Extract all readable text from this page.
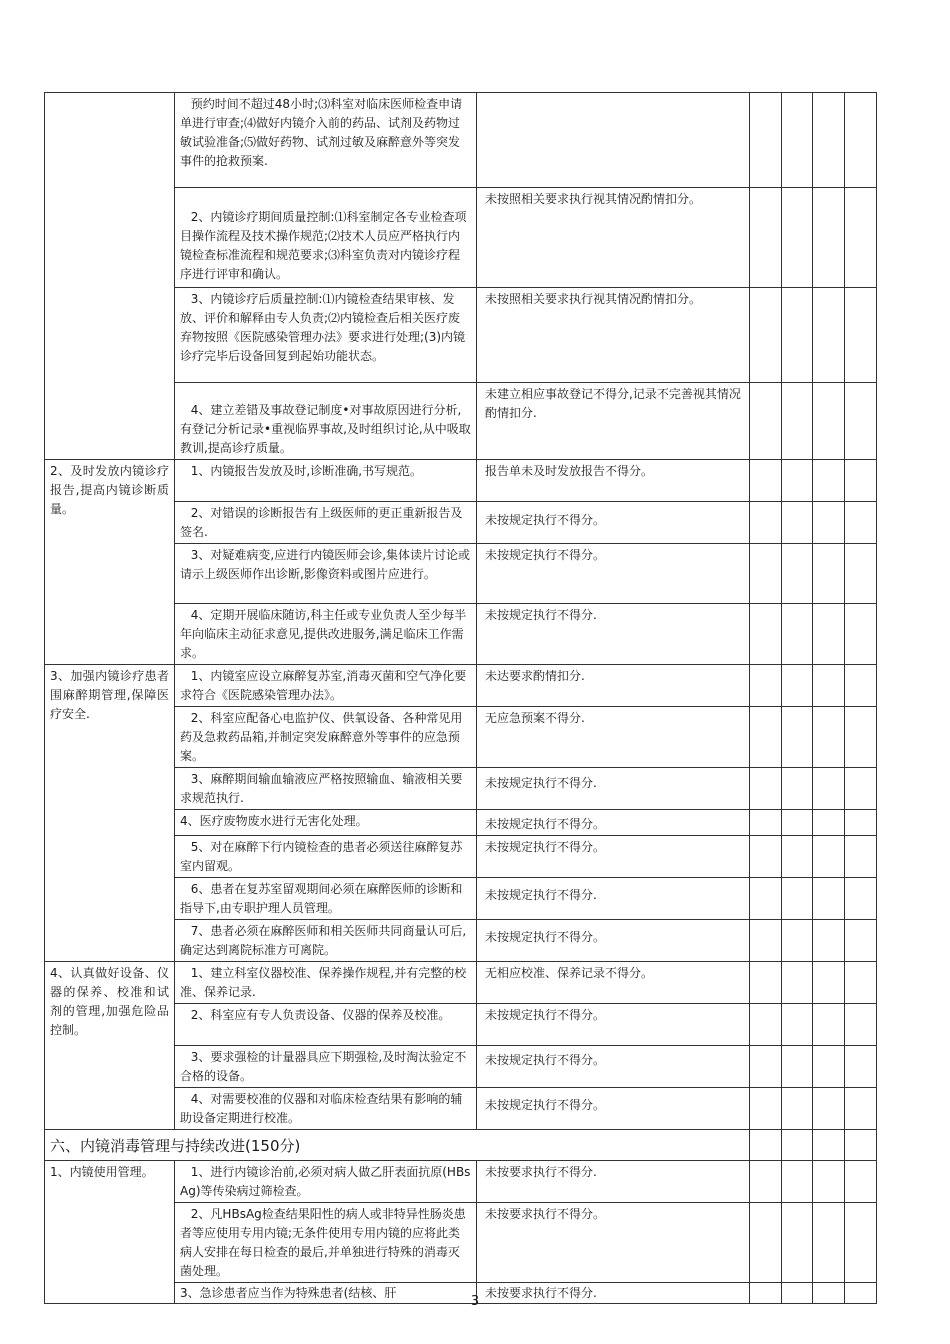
	预约时间不超过48小时;⑶科室对临床医师检查申请单进行审查;⑷做好内镜介入前的药品、试剂及药物过敏试验准备;⑸做好药物、试剂过敏及麻醉意外等突发事件的抢救预案.					
	2、内镜诊疗期间质量控制:⑴科室制定各专业检查项目操作流程及技术操作规范;⑵技术人员应严格执行内镜检查标准流程和规范要求;⑶科室负责对内镜诊疗程序进行评审和确认。	未按照相关要求执行视其情况酌情扣分。				
	3、内镜诊疗后质量控制:⑴内镜检查结果审核、发放、评价和解释由专人负责;⑵内镜检查后相关医疗废弃物按照《医院感染管理办法》要求进行处理;(3)内镜诊疗完毕后设备回复到起始功能状态。	未按照相关要求执行视其情况酌情扣分。				
	4、建立差错及事故登记制度•对事故原因进行分析,有登记分析记录•重视临界事故,及时组织讨论,从中吸取教训,提高诊疗质量。	未建立相应事故登记不得分,记录不完善视其情况酌情扣分.				
2、及时发放内镜诊疗报告,提高内镜诊断质量。	1、内镜报告发放及时,诊断准确,书写规范。	报告单未及时发放报告不得分。				
	2、对错误的诊断报告有上级医师的更正重新报告及签名.	未按规定执行不得分。				
	3、对疑难病变,应进行内镜医师会诊,集体读片讨论或请示上级医师作出诊断,影像资料或图片应进行。	未按规定执行不得分。				
	4、定期开展临床随访,科主任或专业负责人至少每半年向临床主动征求意见,提供改进服务,满足临床工作需求。	未按规定执行不得分.				
3、加强内镜诊疗患者围麻醉期管理,保障医疗安全.	1、内镜室应设立麻醉复苏室,消毒灭菌和空气净化要求符合《医院感染管理办法》。	未达要求酌情扣分.				
	2、科室应配备心电监护仪、供氧设备、各种常见用药及急救药品箱,并制定突发麻醉意外等事件的应急预案。	无应急预案不得分.				
	3、麻醉期间输血输液应严格按照输血、输液相关要求规范执行.	未按规定执行不得分.				
	4、医疗废物废水进行无害化处理。	未按规定执行不得分。				
	5、对在麻醉下行内镜检查的患者必须送往麻醉复苏室内留观。	未按规定执行不得分。				
	6、患者在复苏室留观期间必须在麻醉医师的诊断和指导下,由专职护理人员管理。	未按规定执行不得分.				
	7、患者必须在麻醉医师和相关医师共同商量认可后,确定达到离院标准方可离院。	未按规定执行不得分。				
4、认真做好设备、仪器的保养、校准和试剂的管理,加强危险品控制。	1、建立科室仪器校准、保养操作规程,并有完整的校准、保养记录.	无相应校准、保养记录不得分。				
	2、科室应有专人负责设备、仪器的保养及校准。	未按规定执行不得分。				
	3、要求强检的计量器具应下期强检,及时淘汰验定不合格的设备。	未按规定执行不得分。				
	4、对需要校准的仪器和对临床检查结果有影响的辅助设备定期进行校准。	未按规定执行不得分。				
六、内镜消毒管理与持续改进(150分)						
1、内镜使用管理。	1、进行内镜诊治前,必须对病人做乙肝表面抗原(HBsAg)等传染病过筛检查。	未按要求执行不得分.				
	2、凡HBsAg检查结果阳性的病人或非特异性肠炎患者等应使用专用内镜;无条件使用专用内镜的应将此类病人安排在每日检查的最后,并单独进行特殊的消毒灭菌处理。	未按要求执行不得分。				
	3、急诊患者应当作为特殊患者(结核、肝	未按要求执行不得分.				
3
